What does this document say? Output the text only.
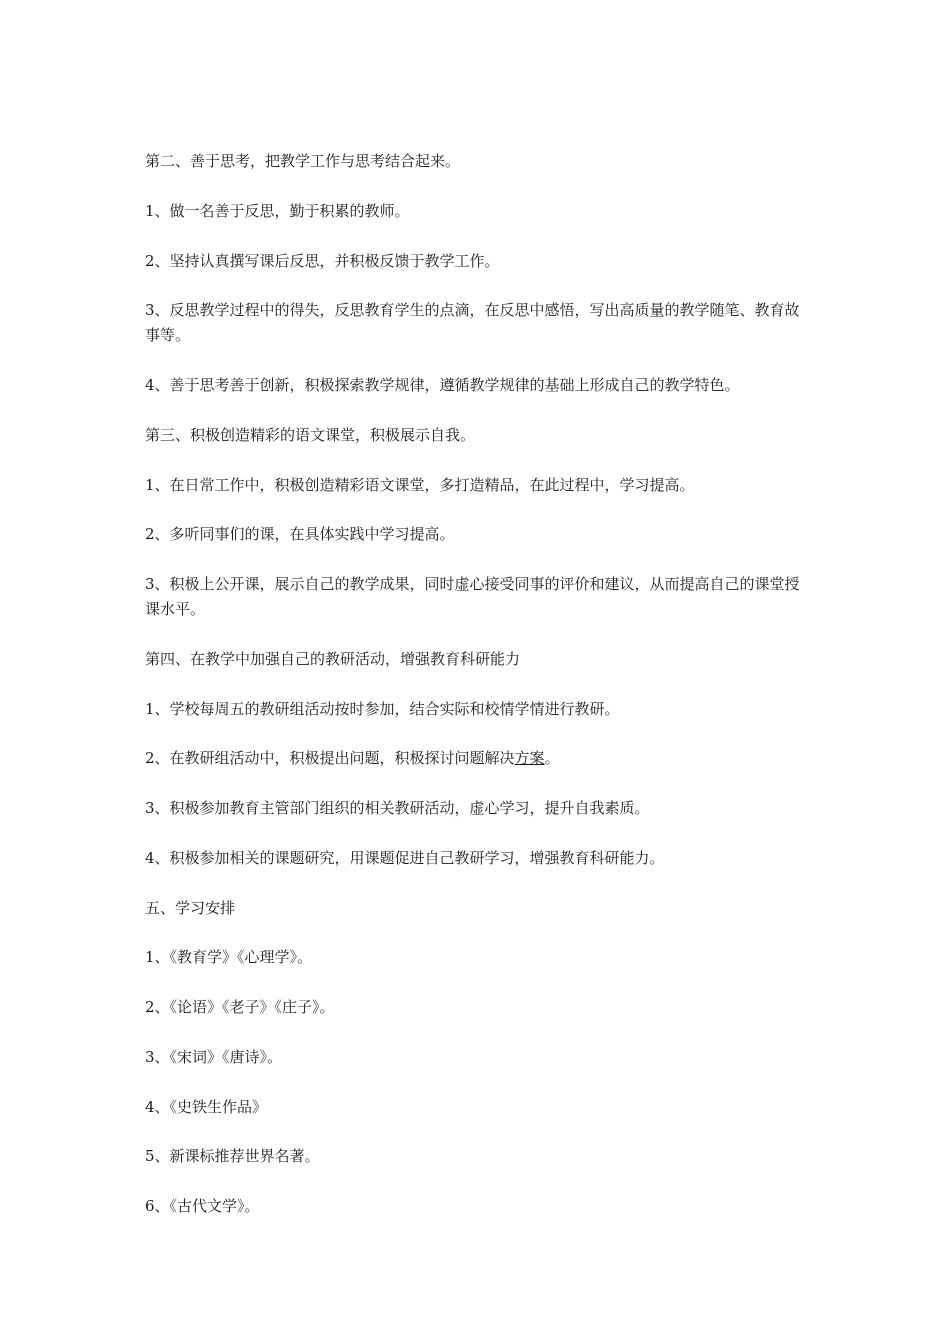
第二、善于思考，把教学工作与思考结合起来。

1、做一名善于反思，勤于积累的教师。

2、坚持认真撰写课后反思，并积极反馈于教学工作。

3、反思教学过程中的得失，反思教育学生的点滴，在反思中感悟，写出高质量的教学随笔、教育故事等。

4、善于思考善于创新，积极探索教学规律，遵循教学规律的基础上形成自己的教学特色。

第三、积极创造精彩的语文课堂，积极展示自我。

1、在日常工作中，积极创造精彩语文课堂，多打造精品，在此过程中，学习提高。

2、多听同事们的课，在具体实践中学习提高。

3、积极上公开课，展示自己的教学成果，同时虚心接受同事的评价和建议，从而提高自己的课堂授课水平。

第四、在教学中加强自己的教研活动，增强教育科研能力

1、学校每周五的教研组活动按时参加，结合实际和校情学情进行教研。

2、在教研组活动中，积极提出问题，积极探讨问题解决方案。

3、积极参加教育主管部门组织的相关教研活动，虚心学习，提升自我素质。

4、积极参加相关的课题研究，用课题促进自己教研学习，增强教育科研能力。

五、学习安排

1、《教育学》《心理学》。

2、《论语》《老子》《庄子》。

3、《宋词》《唐诗》。

4、《史铁生作品》

5、新课标推荐世界名著。

6、《古代文学》。
